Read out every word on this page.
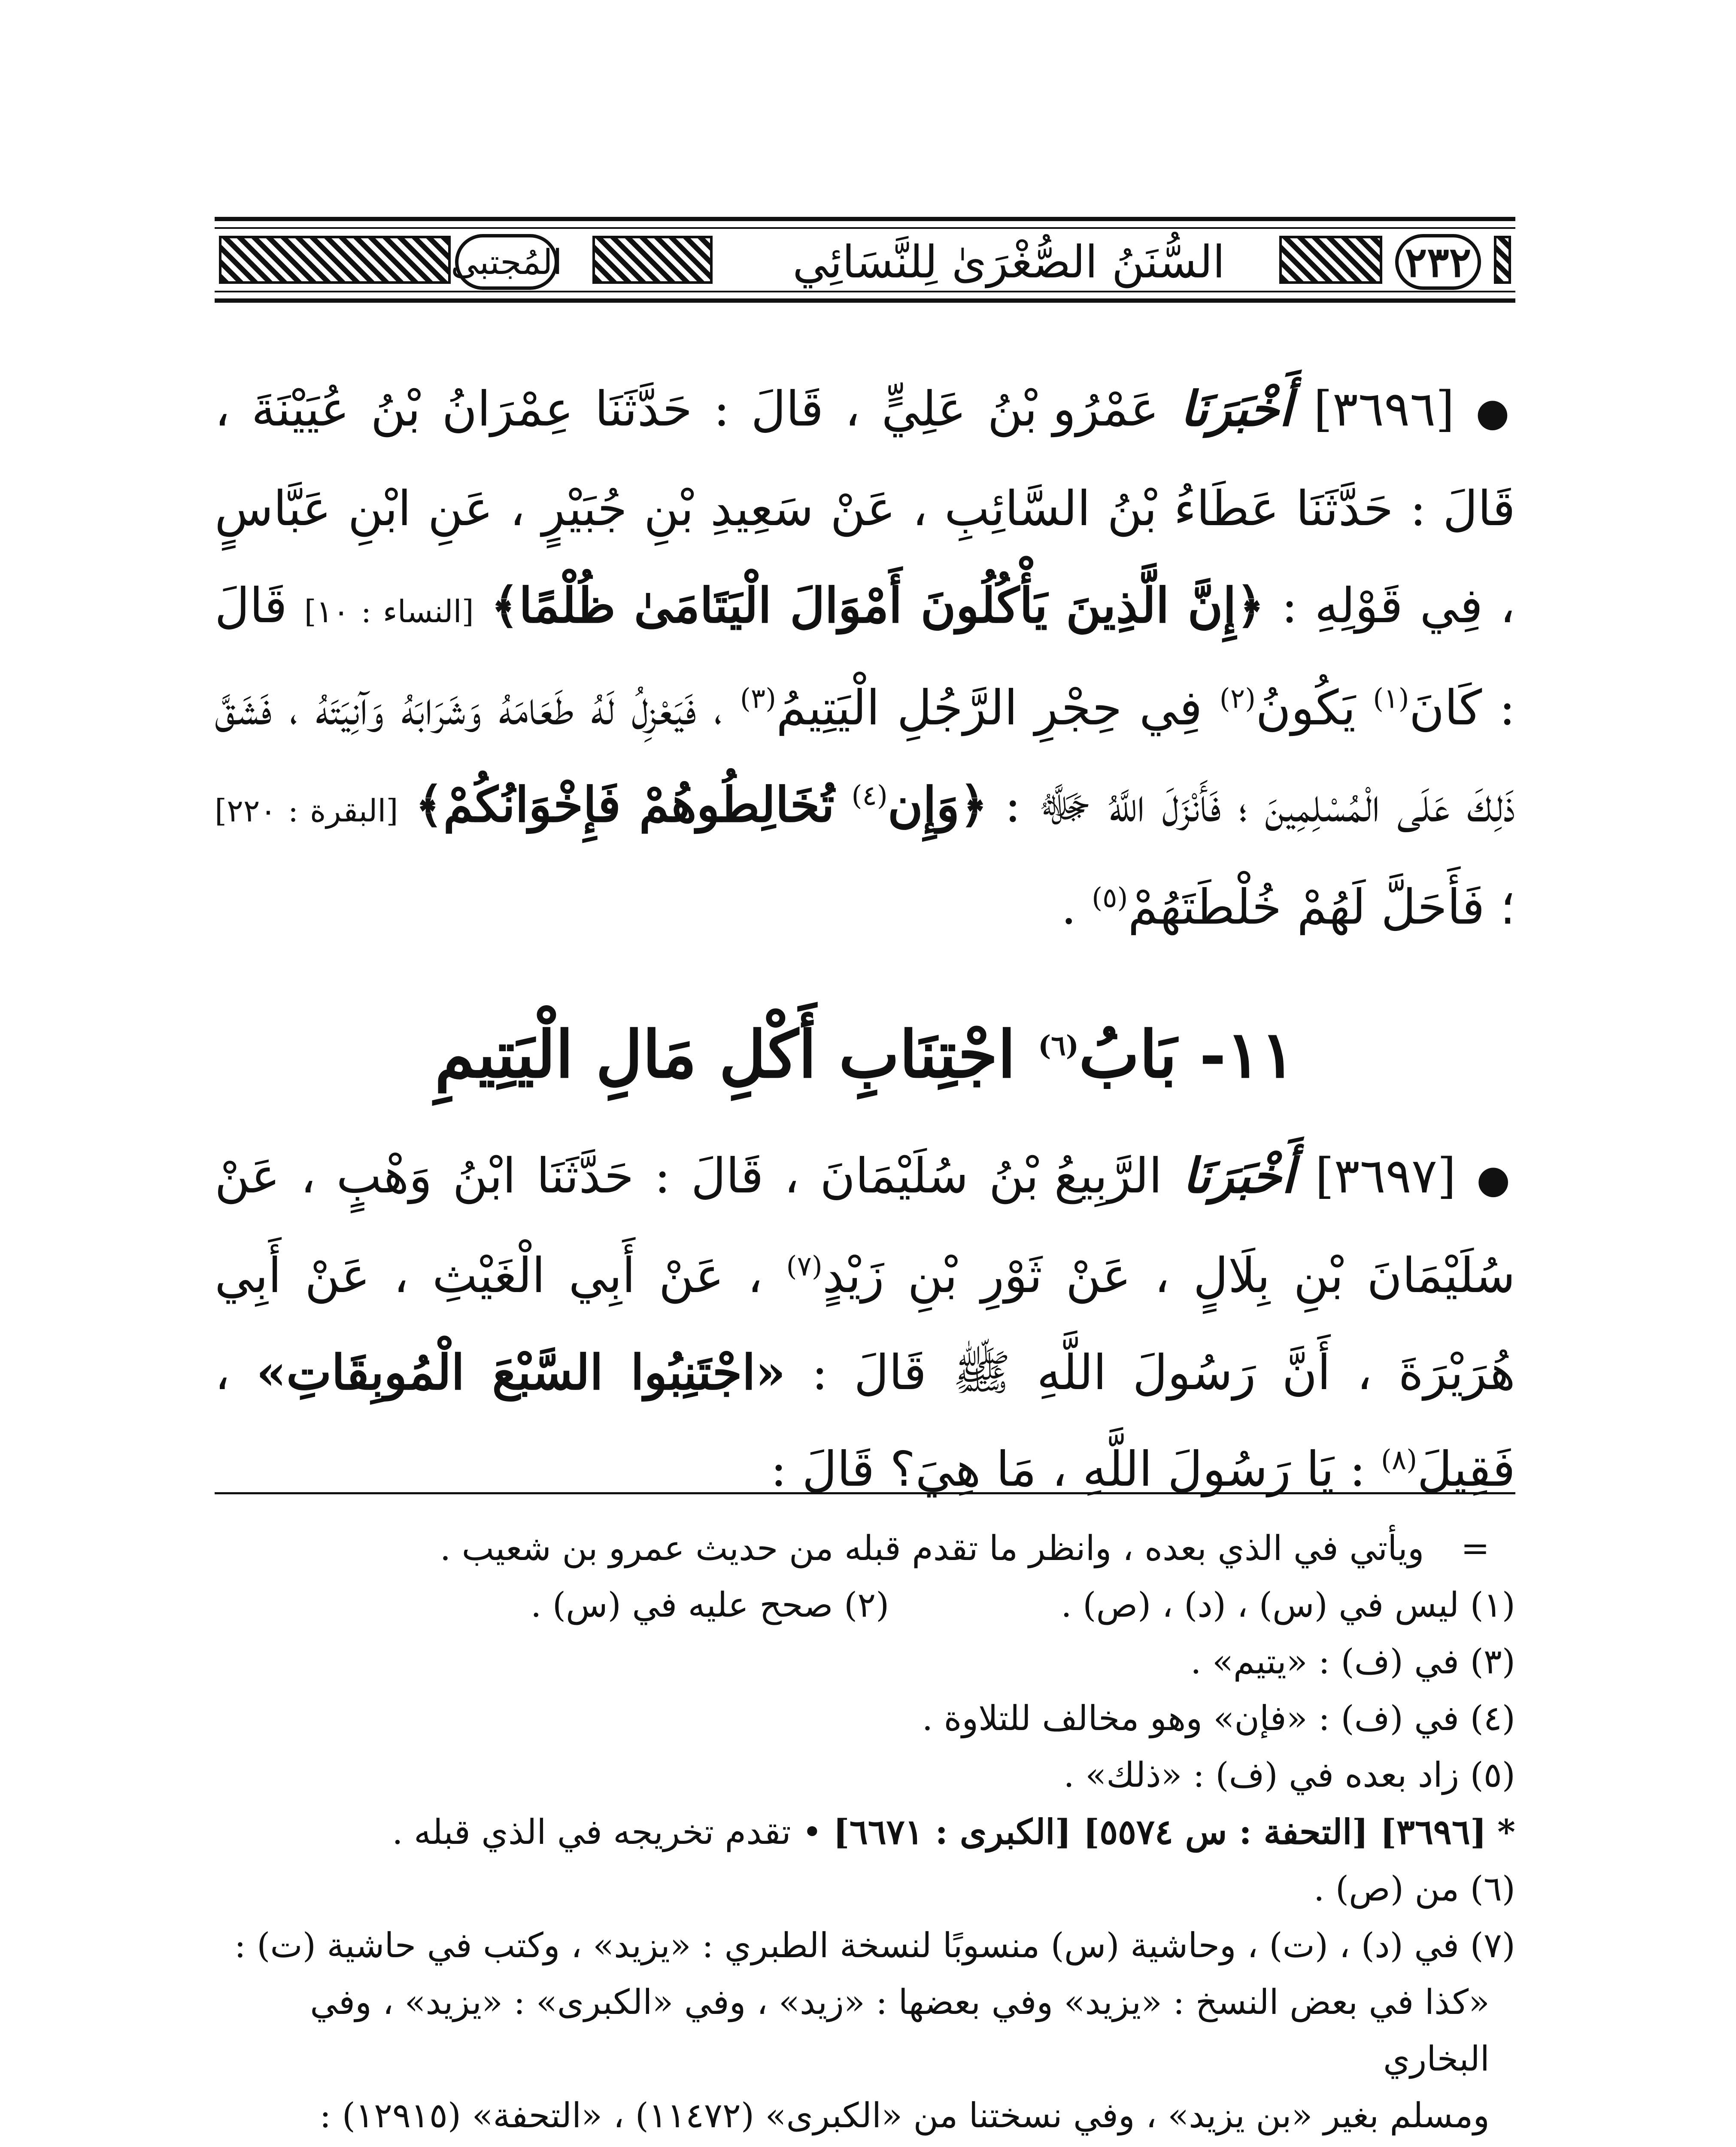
المُجتبى	السُّنَنُ الصُّغْرَىٰ لِلنَّسَائِي	٢٣٢

● [٣٦٩٦] أَخْبَرَنَا عَمْرُو بْنُ عَلِيٍّ ، قَالَ : حَدَّثَنَا عِمْرَانُ بْنُ عُيَيْنَةَ ، قَالَ : حَدَّثَنَا عَطَاءُ بْنُ السَّائِبِ ، عَنْ سَعِيدِ بْنِ جُبَيْرٍ ، عَنِ ابْنِ عَبَّاسٍ ، فِي قَوْلِهِ : ﴿إِنَّ الَّذِينَ يَأْكُلُونَ أَمْوَالَ الْيَتَامَىٰ ظُلْمًا﴾ [النساء : ١٠] قَالَ : كَانَ$^{(١)}$ يَكُونُ$^{(٢)}$ فِي حِجْرِ الرَّجُلِ الْيَتِيمُ$^{(٣)}$ ، فَيَعْزِلُ لَهُ طَعَامَهُ وَشَرَابَهُ وَآنِيَتَهُ ، فَشَقَّ ذَلِكَ عَلَى الْمُسْلِمِينَ ؛ فَأَنْزَلَ اللَّهُ ﷻ : ﴿وَإِن$^{(٤)}$ تُخَالِطُوهُمْ فَإِخْوَانُكُمْ﴾ [البقرة : ٢٢٠] ؛ فَأَحَلَّ لَهُمْ خُلْطَتَهُمْ$^{(٥)}$ .

١١- بَابُ$^{(٦)}$ اجْتِنَابِ أَكْلِ مَالِ الْيَتِيمِ

● [٣٦٩٧] أَخْبَرَنَا الرَّبِيعُ بْنُ سُلَيْمَانَ ، قَالَ : حَدَّثَنَا ابْنُ وَهْبٍ ، عَنْ سُلَيْمَانَ بْنِ بِلَالٍ ، عَنْ ثَوْرِ بْنِ زَيْدٍ$^{(٧)}$ ، عَنْ أَبِي الْغَيْثِ ، عَنْ أَبِي هُرَيْرَةَ ، أَنَّ رَسُولَ اللَّهِ ﷺ قَالَ : «اجْتَنِبُوا السَّبْعَ الْمُوبِقَاتِ» ، فَقِيلَ$^{(٨)}$ : يَا رَسُولَ اللَّهِ ، مَا هِيَ؟ قَالَ :

= ويأتي في الذي بعده ، وانظر ما تقدم قبله من حديث عمرو بن شعيب .

(١) ليس في (س) ، (د) ، (ص) .

(٢) صحح عليه في (س) .

(٣) في (ف) : «يتيم» .

(٤) في (ف) : «فإن» وهو مخالف للتلاوة .

(٥) زاد بعده في (ف) : «ذلك» .

* [٣٦٩٦] [التحفة : س ٥٥٧٤] [الكبرى : ٦٦٧١] • تقدم تخريجه في الذي قبله .

(٦) من (ص) .

(٧) في (د) ، (ت) ، وحاشية (س) منسوبًا لنسخة الطبري : «يزيد» ، وكتب في حاشية (ت) :

«كذا في بعض النسخ : «يزيد» وفي بعضها : «زيد» ، وفي «الكبرى» : «يزيد» ، وفي البخاري

ومسلم بغير «بن يزيد» ، وفي نسختنا من «الكبرى» (١١٤٧٢) ، «التحفة» (١٢٩١٥) :
